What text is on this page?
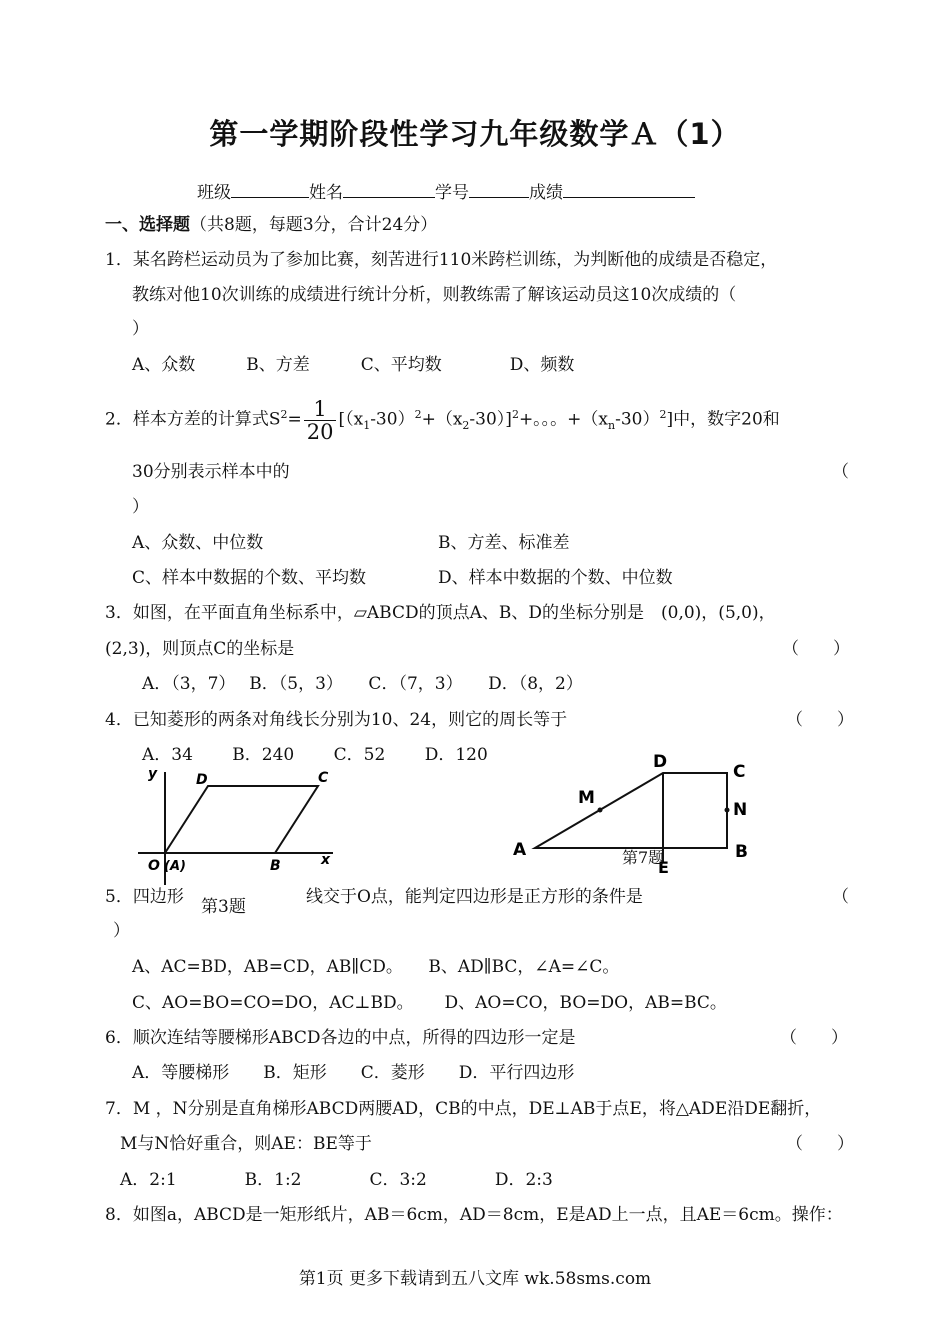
第一学期阶段性学习九年级数学Ａ（1）
班级	姓名	学号	成绩
一、选择题（共8题，每题3分，合计24分）
1．某名跨栏运动员为了参加比赛，刻苦进行110米跨栏训练，为判断他的成绩是否稳定，
教练对他10次训练的成绩进行统计分析，则教练需了解该运动员这10次成绩的（
）
A、众数　　　B、方差　　　C、平均数　　　　D、频数
2．样本方差的计算式$S^2= \frac{1}{20} [(x_1-30)^2+(x_2-30)]^2+$。。。$+(x_n-30)^2$]中，数字20和
30分别表示样本中的	（
）
A、众数、中位数	B、方差、标准差
C、样本中数据的个数、平均数	D、样本中数据的个数、中位数
3．如图，在平面直角坐标系中，▱ABCD的顶点A、B、D的坐标分别是　(0,0)，(5,0)，
(2,3)，则顶点C的坐标是	（　　）
A．（3，7）　 B．（5，3）　　C．（7，3）　　D．（8，2）
4．已知菱形的两条对角线长分别为10、24，则它的周长等于	（　　）
A．34　　 B．240　　 C．52　　 D．120
y
x
D	C
O (A)	B
D	C
M
N
A
E
B
第7题
5．四边形 第3题	线交于O点，能判定四边形是正方形的条件是	（
）
A、AC=BD，AB=CD，AB∥CD。　　B、AD∥BC，∠A=∠C。
C、AO=BO=CO=DO，AC⊥BD。　　 D、AO=CO，BO=DO，AB=BC。
6．顺次连结等腰梯形ABCD各边的中点，所得的四边形一定是	（　　）
A．等腰梯形　　B．矩形　　C．菱形　　D．平行四边形
7．M ，N分别是直角梯形ABCD两腰AD，CB的中点，DE⊥AB于点E，将△ADE沿DE翻折，
M与N恰好重合，则AE：BE等于	（　　）
A．2:1　　　　B．1:2　　　　C．3:2　　　　D．2:3
8．如图a，ABCD是一矩形纸片，AB＝6cm，AD＝8cm，E是AD上一点，且AE＝6cm。操作：
第1页 更多下载请到五八文库 wk.58sms.com
